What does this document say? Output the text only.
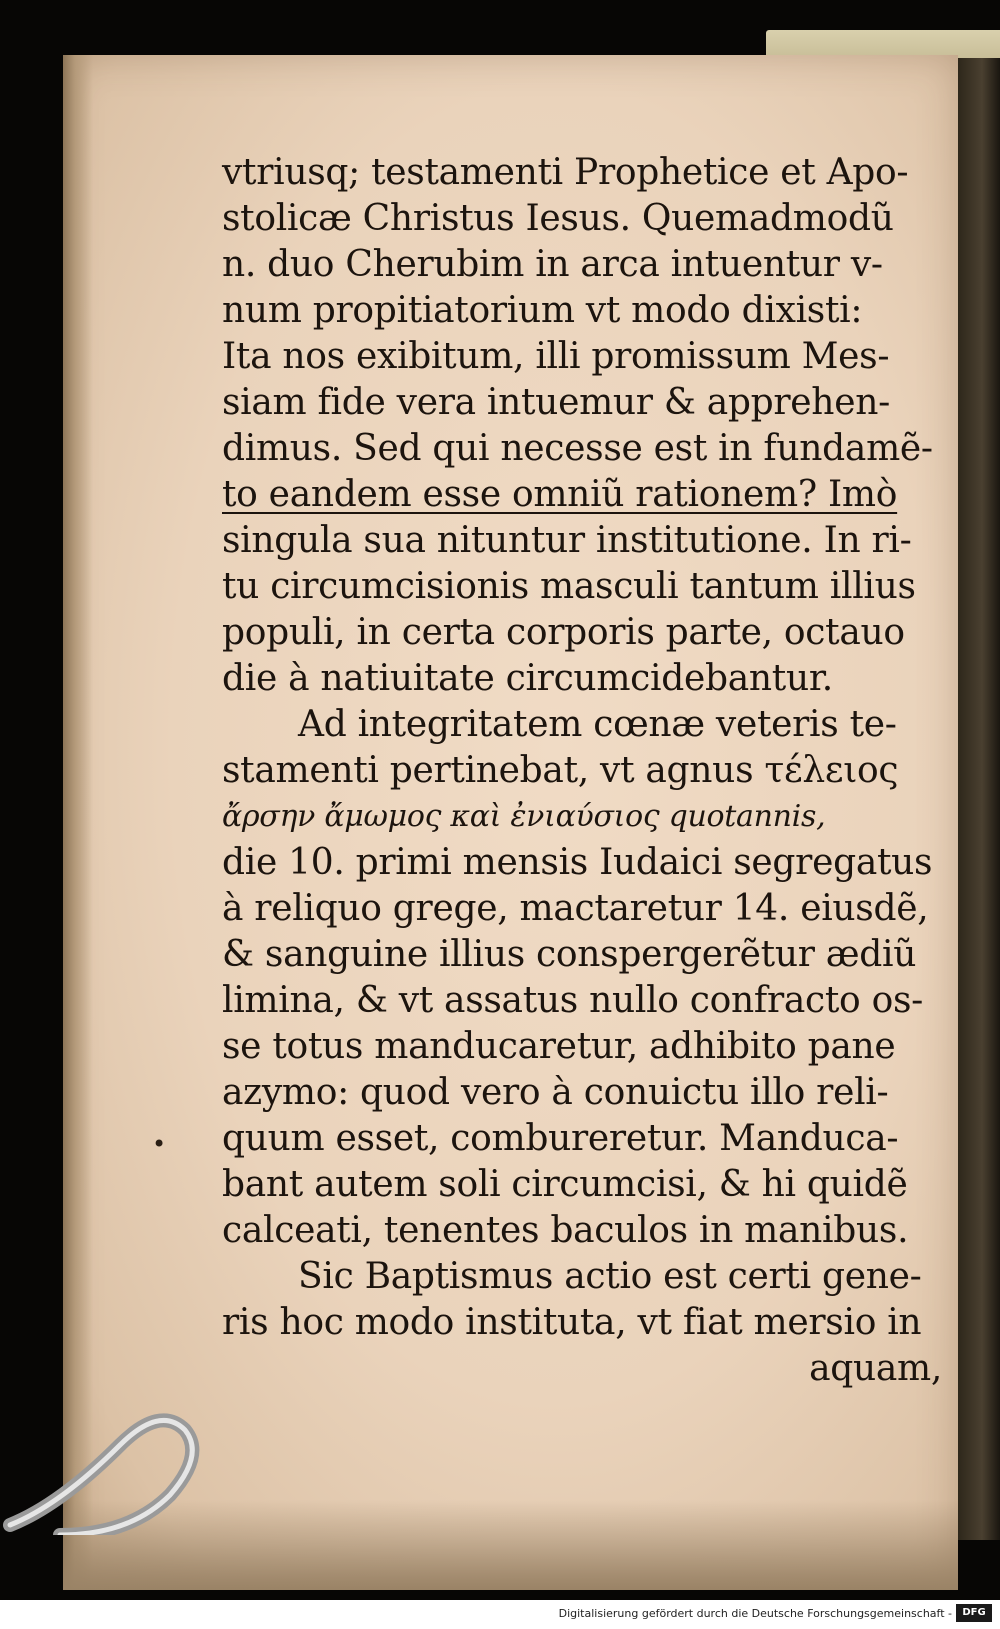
•
vtriusq; testamenti Prophetice et Apo-
stolicæ Christus Iesus. Quemadmodũ
n. duo Cherubim in arca intuentur v-
num propitiatorium vt modo dixisti:
Ita nos exibitum, illi promissum Mes-
siam fide vera intuemur & apprehen-
dimus. Sed qui necesse est in fundamẽ-
to eandem esse omniũ rationem? Imò
singula sua nituntur institutione. In ri-
tu circumcisionis masculi tantum illius
populi, in certa corporis parte, octauo
die à natiuitate circumcidebantur.
Ad integritatem cœnæ veteris te-
stamenti pertinebat, vt agnus τέλειος
ἄρσην ἄμωμος καὶ ἐνιαύσιος quotannis,
die 10. primi mensis Iudaici segregatus
à reliquo grege, mactaretur 14. eiusdẽ,
& sanguine illius conspergerẽtur ædiũ
limina, & vt assatus nullo confracto os-
se totus manducaretur, adhibito pane
azymo: quod vero à conuictu illo reli-
quum esset, combureretur. Manduca-
bant autem soli circumcisi, & hi quidẽ
calceati, tenentes baculos in manibus.
Sic Baptismus actio est certi gene-
ris hoc modo instituta, vt fiat mersio in
aquam,
Digitalisierung gefördert durch die Deutsche Forschungsgemeinschaft -	DFG
